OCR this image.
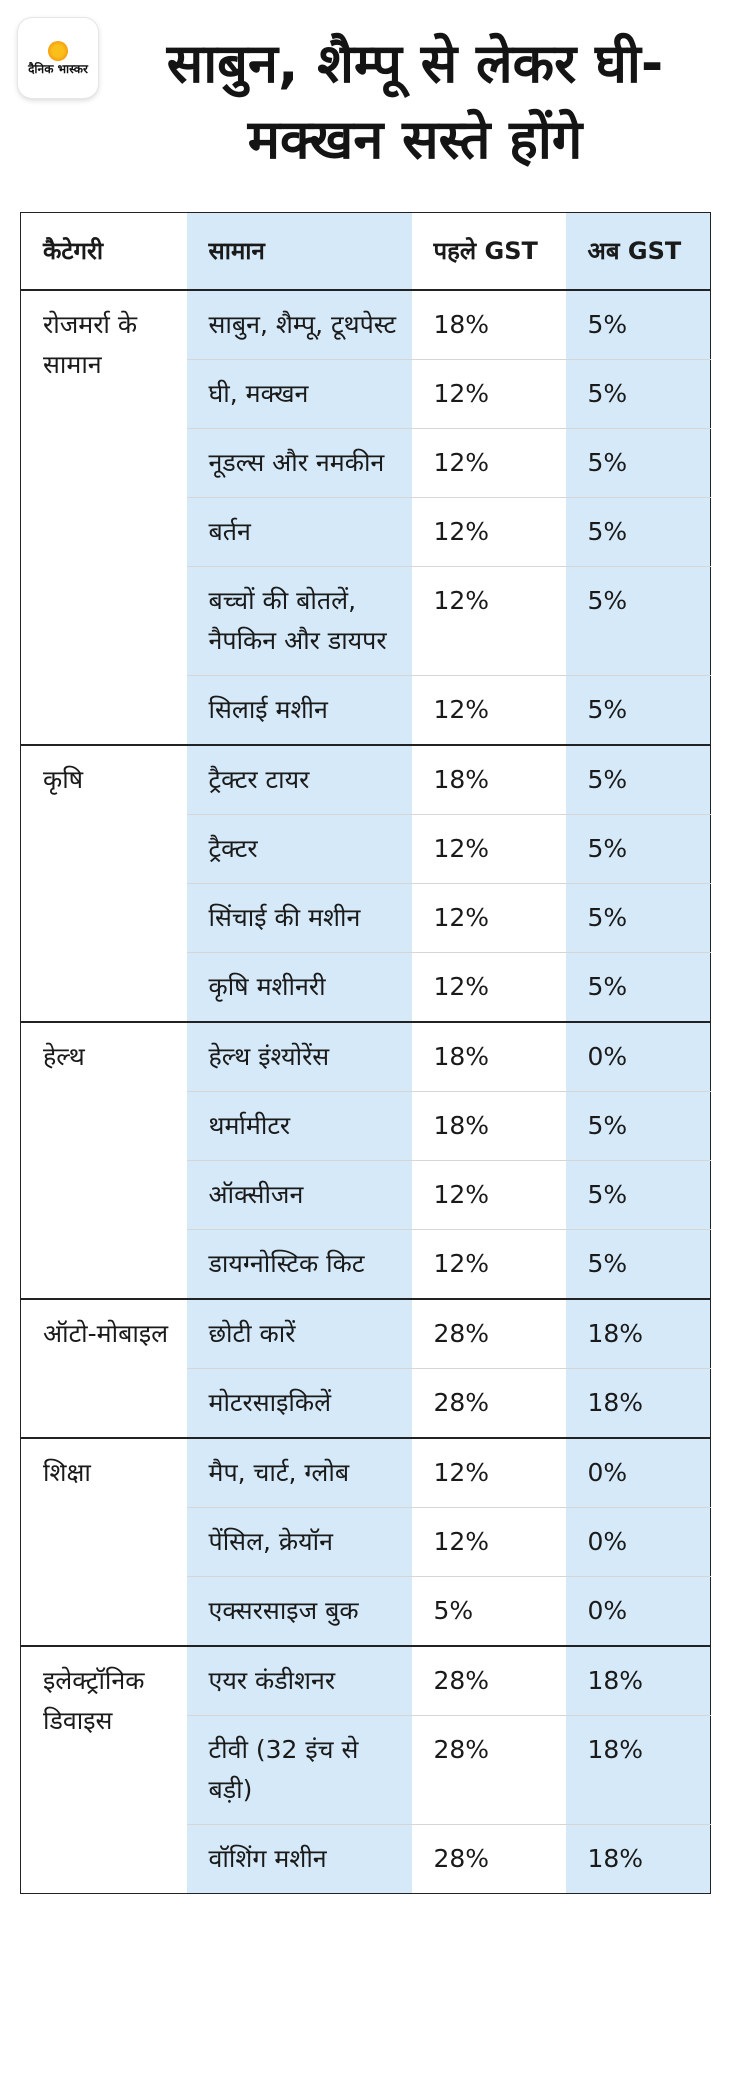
दैनिक भास्कर	साबुन, शैम्पू से लेकर घी-मक्खन सस्ते होंगे
कैटेगरी	सामान	पहले GST	अब GST
रोजमर्रा के सामान	साबुन, शैम्पू, टूथपेस्ट	18%	5%
	घी, मक्खन	12%	5%
	नूडल्स और नमकीन	12%	5%
	बर्तन	12%	5%
	बच्चों की बोतलें, नैपकिन और डायपर	12%	5%
	सिलाई मशीन	12%	5%
कृषि	ट्रैक्टर टायर	18%	5%
	ट्रैक्टर	12%	5%
	सिंचाई की मशीन	12%	5%
	कृषि मशीनरी	12%	5%
हेल्थ	हेल्थ इंश्योरेंस	18%	0%
	थर्मामीटर	18%	5%
	ऑक्सीजन	12%	5%
	डायग्नोस्टिक किट	12%	5%
ऑटो-मोबाइल	छोटी कारें	28%	18%
	मोटरसाइकिलें	28%	18%
शिक्षा	मैप, चार्ट, ग्लोब	12%	0%
	पेंसिल, क्रेयॉन	12%	0%
	एक्सरसाइज बुक	5%	0%
इलेक्ट्रॉनिक डिवाइस	एयर कंडीशनर	28%	18%
	टीवी (32 इंच से बड़ी)	28%	18%
	वॉशिंग मशीन	28%	18%
